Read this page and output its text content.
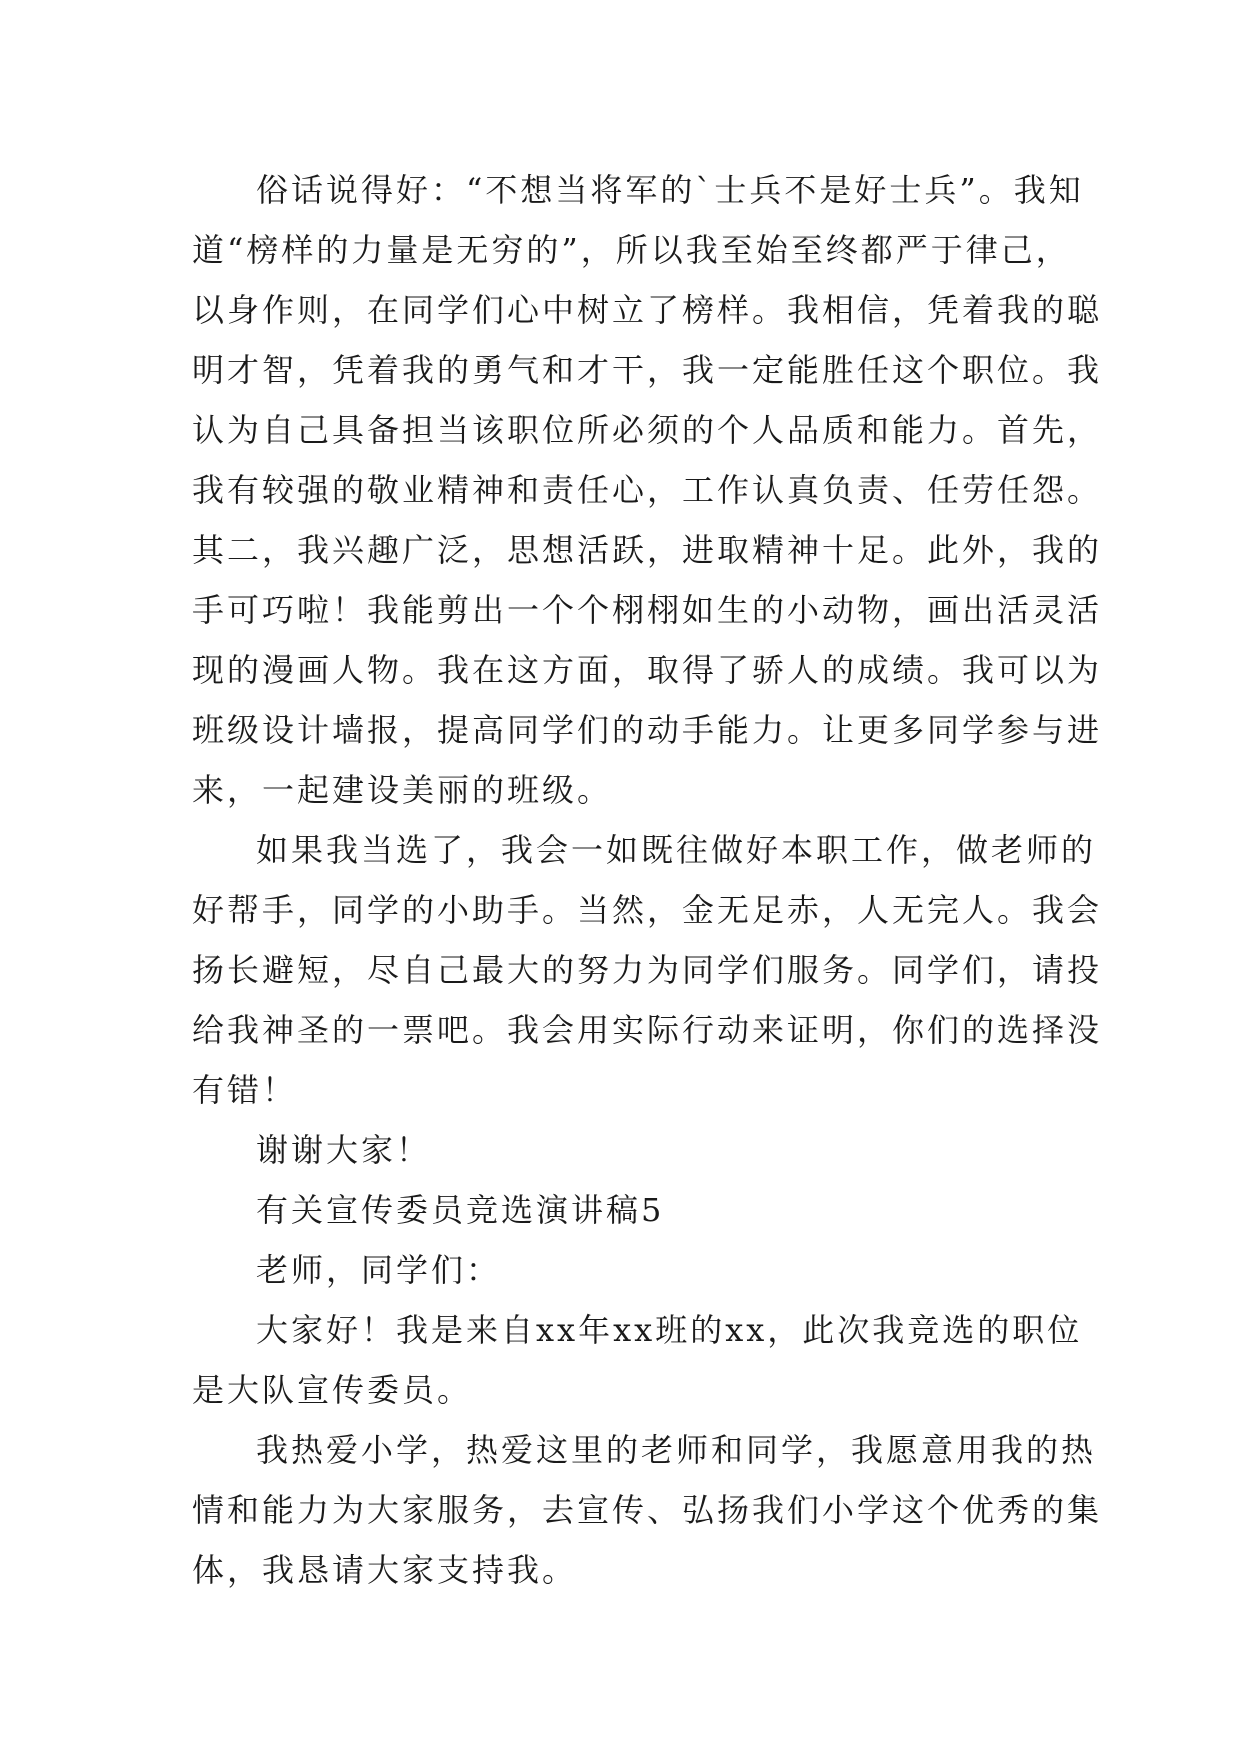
俗话说得好：“不想当将军的`士兵不是好士兵”。我知
道“榜样的力量是无穷的”，所以我至始至终都严于律己，
以身作则，在同学们心中树立了榜样。我相信，凭着我的聪
明才智，凭着我的勇气和才干，我一定能胜任这个职位。我
认为自己具备担当该职位所必须的个人品质和能力。首先，
我有较强的敬业精神和责任心，工作认真负责、任劳任怨。
其二，我兴趣广泛，思想活跃，进取精神十足。此外，我的
手可巧啦！我能剪出一个个栩栩如生的小动物，画出活灵活
现的漫画人物。我在这方面，取得了骄人的成绩。我可以为
班级设计墙报，提高同学们的动手能力。让更多同学参与进
来，一起建设美丽的班级。
如果我当选了，我会一如既往做好本职工作，做老师的
好帮手，同学的小助手。当然，金无足赤，人无完人。我会
扬长避短，尽自己最大的努力为同学们服务。同学们，请投
给我神圣的一票吧。我会用实际行动来证明，你们的选择没
有错！
谢谢大家！
有关宣传委员竞选演讲稿5
老师，同学们：
大家好！我是来自xx年xx班的xx，此次我竞选的职位
是大队宣传委员。
我热爱小学，热爱这里的老师和同学，我愿意用我的热
情和能力为大家服务，去宣传、弘扬我们小学这个优秀的集
体，我恳请大家支持我。
